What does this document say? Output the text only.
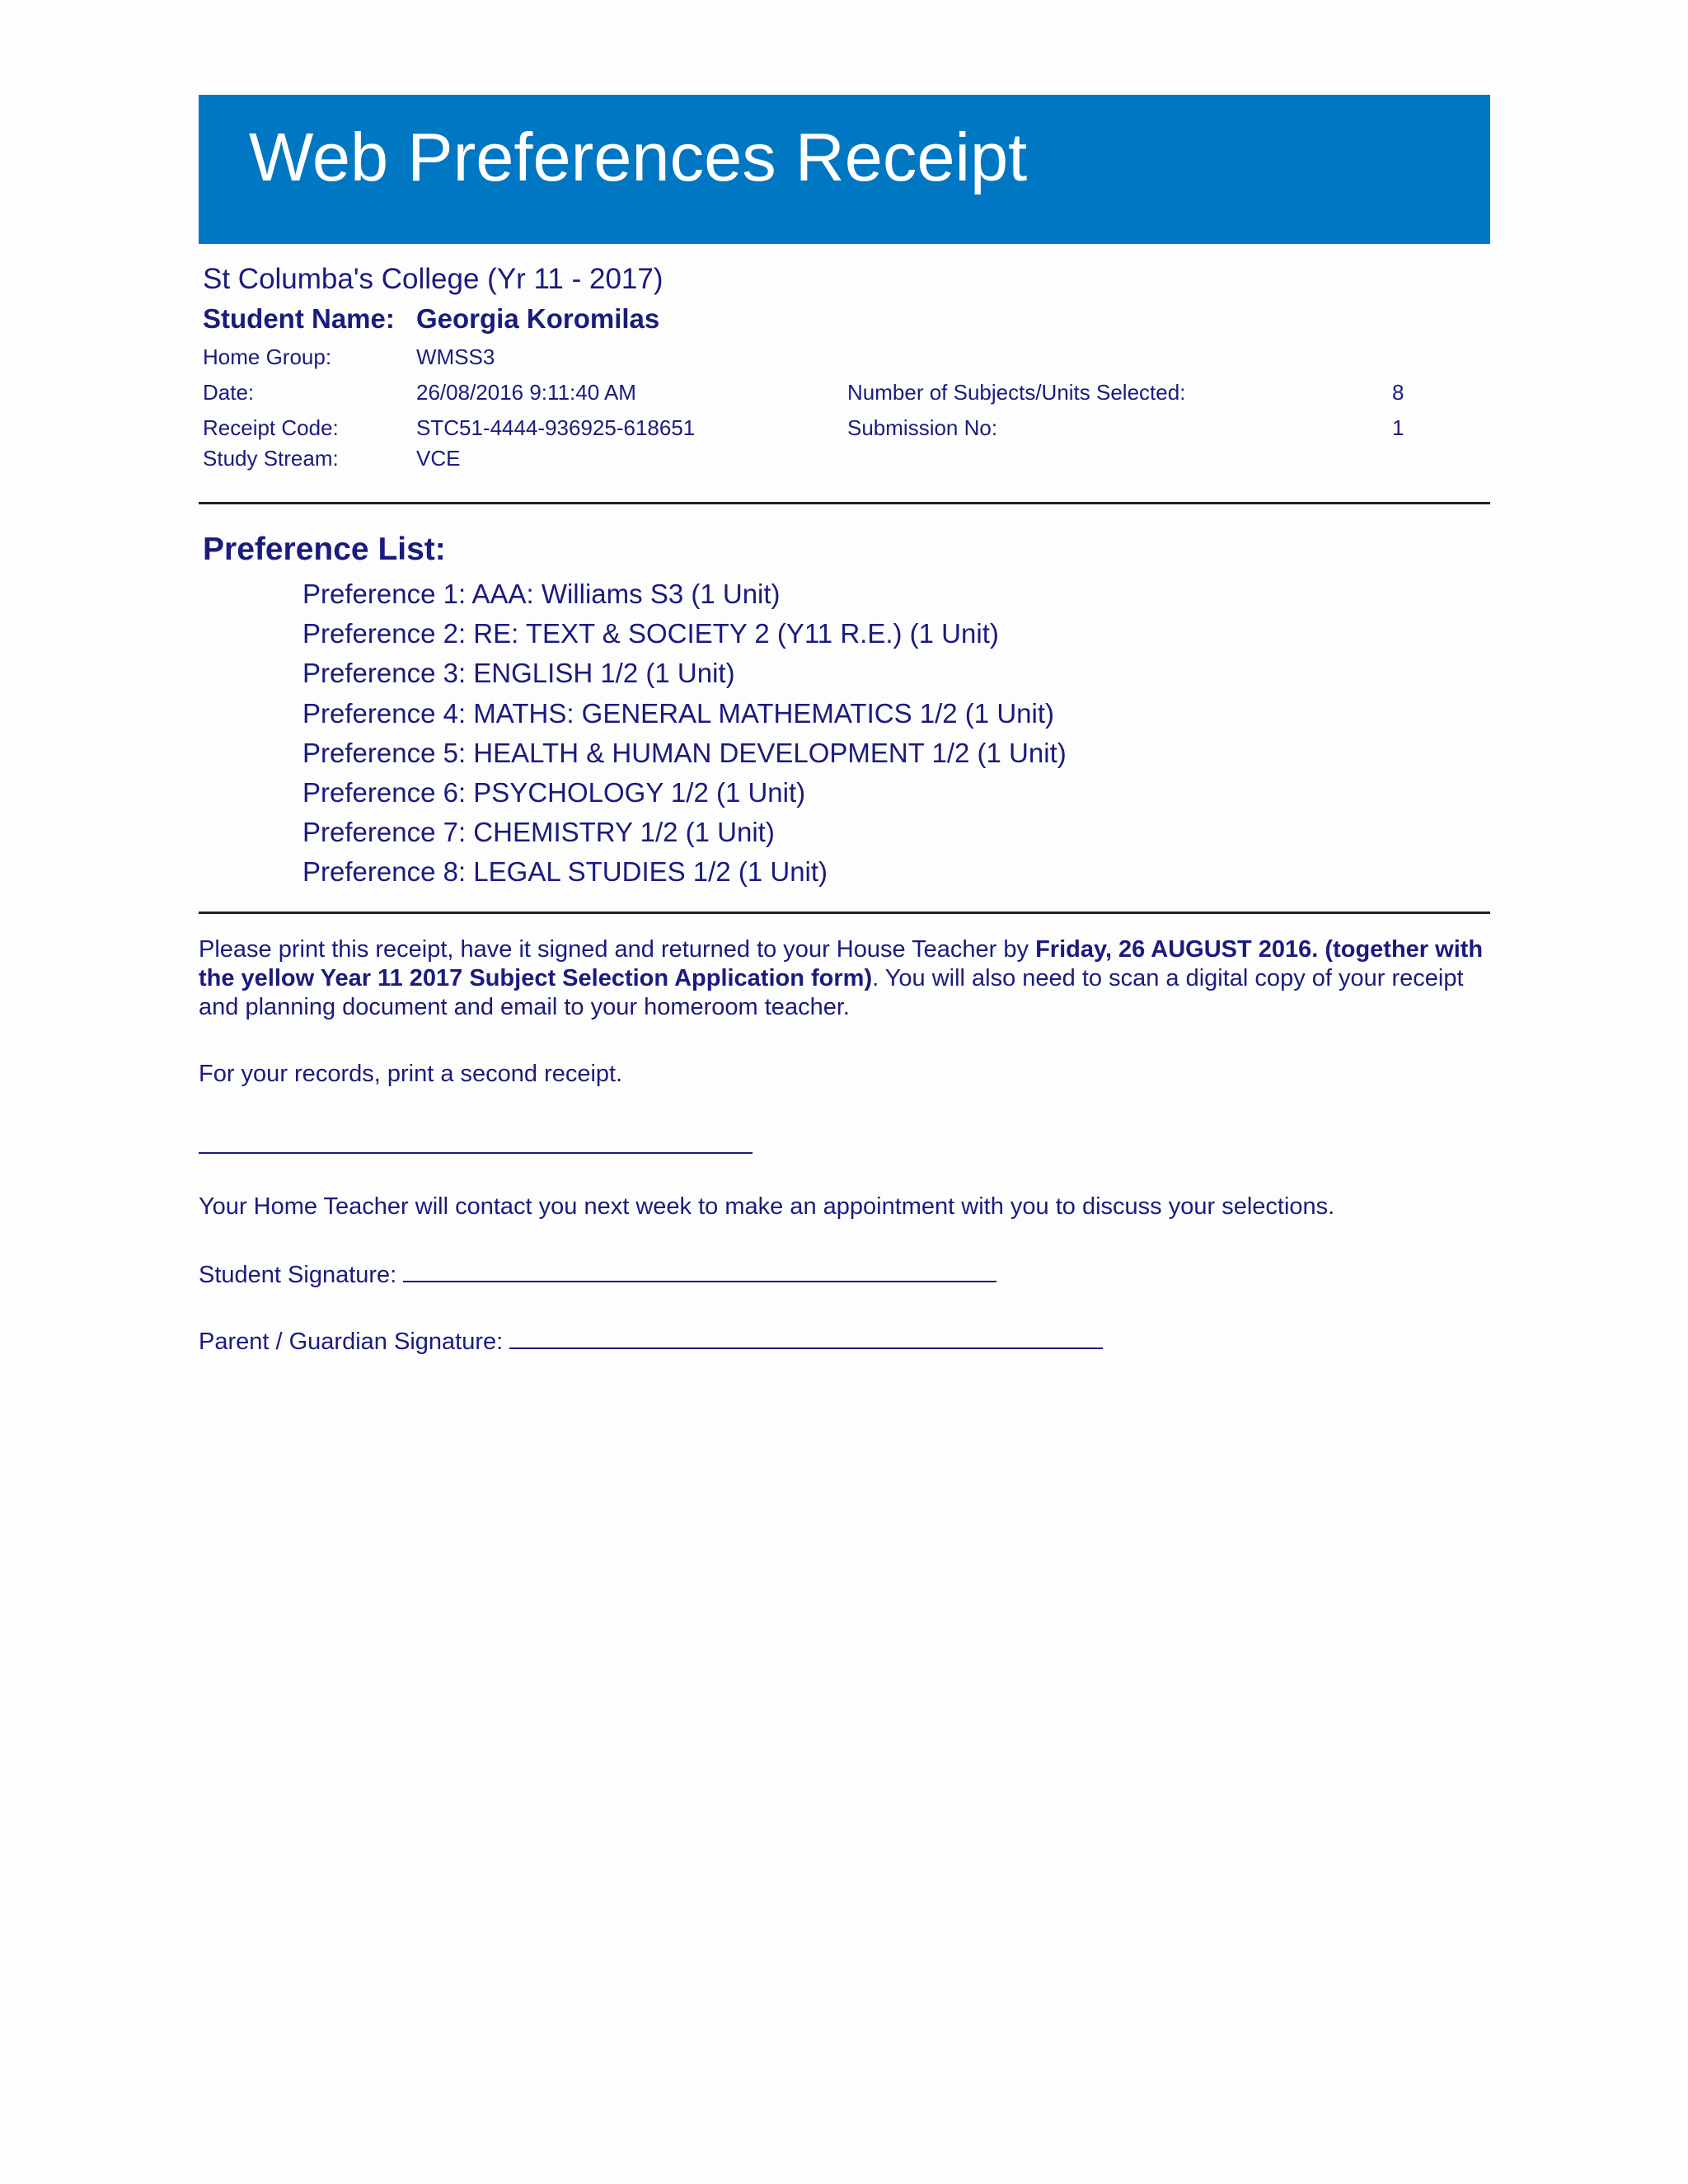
Web Preferences Receipt
St Columba's College (Yr 11 - 2017)
Student Name: Georgia Koromilas
Home Group:	WMSS3
Date:	26/08/2016 9:11:40 AM	Number of Subjects/Units Selected:	8
Receipt Code:	STC51-4444-936925-618651	Submission No:	1
Study Stream:	VCE
Preference List:
Preference 1: AAA: Williams S3 (1 Unit)
Preference 2: RE: TEXT & SOCIETY 2 (Y11 R.E.) (1 Unit)
Preference 3: ENGLISH 1/2 (1 Unit)
Preference 4: MATHS: GENERAL MATHEMATICS 1/2 (1 Unit)
Preference 5: HEALTH & HUMAN DEVELOPMENT 1/2 (1 Unit)
Preference 6: PSYCHOLOGY 1/2 (1 Unit)
Preference 7: CHEMISTRY 1/2 (1 Unit)
Preference 8: LEGAL STUDIES 1/2 (1 Unit)

Please print this receipt, have it signed and returned to your House Teacher by Friday, 26 AUGUST 2016. (together with the yellow Year 11 2017 Subject Selection Application form). You will also need to scan a digital copy of your receipt and planning document and email to your homeroom teacher.

For your records, print a second receipt.

Your Home Teacher will contact you next week to make an appointment with you to discuss your selections.

Student Signature:

Parent / Guardian Signature:
